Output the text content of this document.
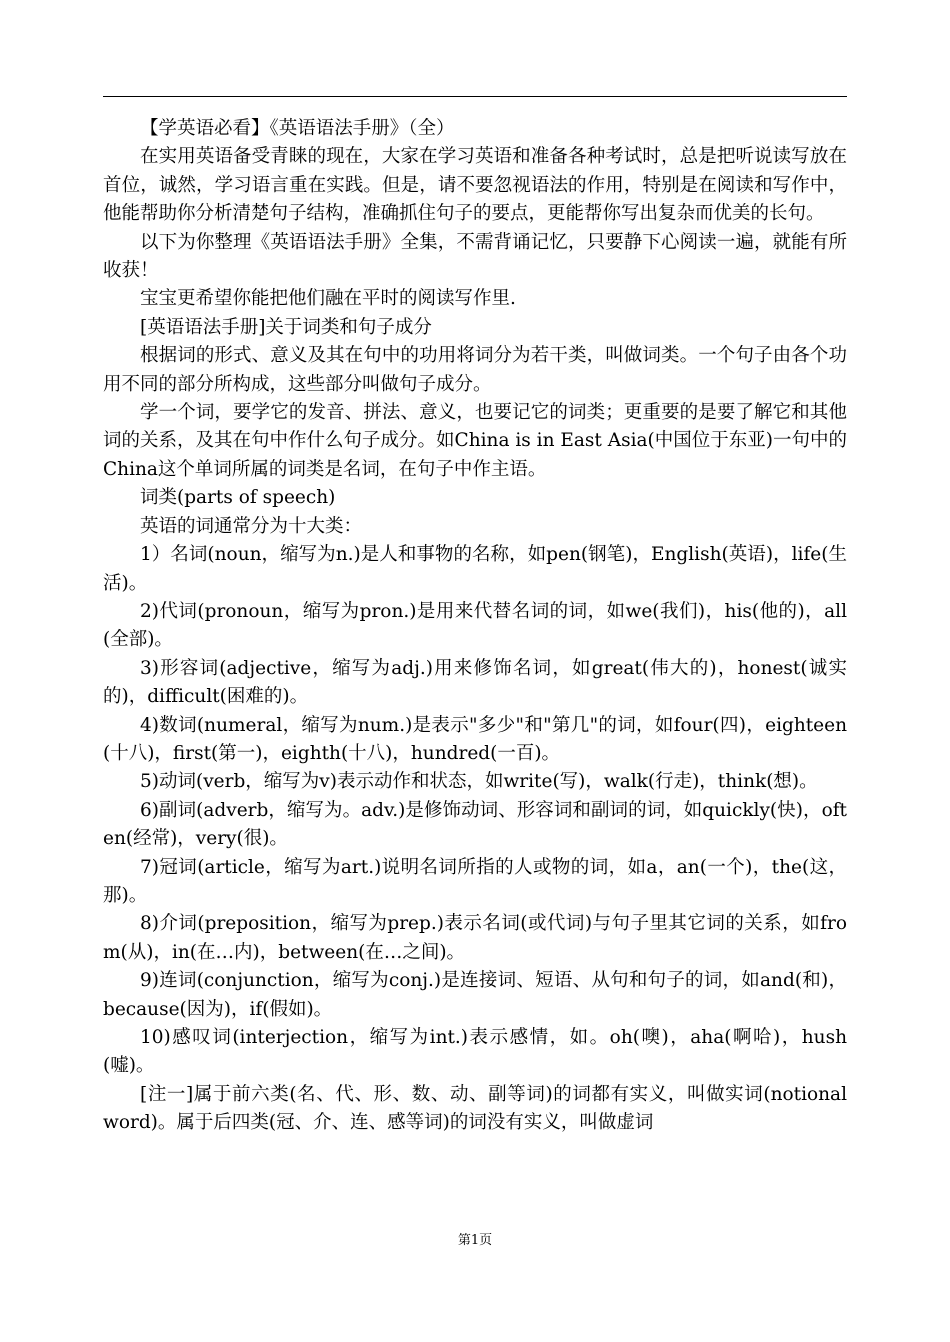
【学英语必看】《英语语法手册》（全）

在实用英语备受青睐的现在，大家在学习英语和准备各种考试时，总是把听说读写放在首位，诚然，学习语言重在实践。但是，请不要忽视语法的作用，特别是在阅读和写作中，他能帮助你分析清楚句子结构，准确抓住句子的要点，更能帮你写出复杂而优美的长句。

以下为你整理《英语语法手册》全集，不需背诵记忆，只要静下心阅读一遍，就能有所收获！

宝宝更希望你能把他们融在平时的阅读写作里.

[英语语法手册]关于词类和句子成分

根据词的形式、意义及其在句中的功用将词分为若干类，叫做词类。一个句子由各个功用不同的部分所构成，这些部分叫做句子成分。

学一个词，要学它的发音、拼法、意义，也要记它的词类；更重要的是要了解它和其他词的关系，及其在句中作什么句子成分。如China is in East Asia(中国位于东亚)一句中的China这个单词所属的词类是名词，在句子中作主语。

词类(parts of speech)

英语的词通常分为十大类：

1）名词(noun，缩写为n.)是人和事物的名称，如pen(钢笔)，English(英语)，life(生活)。

2)代词(pronoun，缩写为pron.)是用来代替名词的词，如we(我们)，his(他的)，all(全部)。

3)形容词(adjective，缩写为adj.)用来修饰名词，如great(伟大的)，honest(诚实的)，difficult(困难的)。

4)数词(numeral，缩写为num.)是表示"多少"和"第几"的词，如four(四)，eighteen(十八)，first(第一)，eighth(十八)，hundred(一百)。

5)动词(verb，缩写为v)表示动作和状态，如write(写)，walk(行走)，think(想)。

6)副词(adverb，缩写为。adv.)是修饰动词、形容词和副词的词，如quickly(快)，often(经常)，very(很)。

7)冠词(article，缩写为art.)说明名词所指的人或物的词，如a，an(一个)，the(这，那)。

8)介词(preposition，缩写为prep.)表示名词(或代词)与句子里其它词的关系，如from(从)，in(在…内)，between(在…之间)。

9)连词(conjunction，缩写为conj.)是连接词、短语、从句和句子的词，如and(和)，because(因为)，if(假如)。

10)感叹词(interjection，缩写为int.)表示感情，如。oh(噢)，aha(啊哈)，hush(嘘)。

[注一]属于前六类(名、代、形、数、动、副等词)的词都有实义，叫做实词(notional word)。属于后四类(冠、介、连、感等词)的词没有实义，叫做虚词

第1页
